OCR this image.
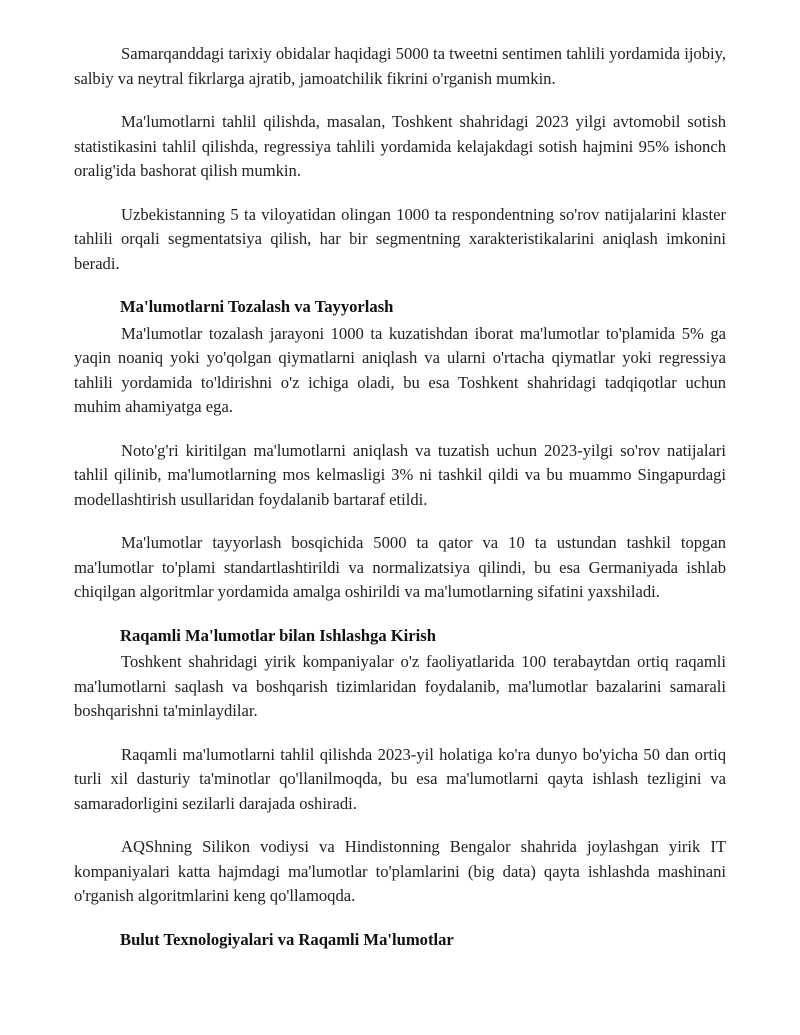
Samarqanddagi tarixiy obidalar haqidagi 5000 ta tweetni sentimen tahlili yordamida ijobiy, salbiy va neytral fikrlarga ajratib, jamoatchilik fikrini o'rganish mumkin.

Ma'lumotlarni tahlil qilishda, masalan, Toshkent shahridagi 2023 yilgi avtomobil sotish statistikasini tahlil qilishda, regressiya tahlili yordamida kelajakdagi sotish hajmini 95% ishonch oralig'ida bashorat qilish mumkin.

Uzbekistanning 5 ta viloyatidan olingan 1000 ta respondentning so'rov natijalarini klaster tahlili orqali segmentatsiya qilish, har bir segmentning xarakteristikalarini aniqlash imkonini beradi.

Ma'lumotlarni Tozalash va Tayyorlash

Ma'lumotlar tozalash jarayoni 1000 ta kuzatishdan iborat ma'lumotlar to'plamida 5% ga yaqin noaniq yoki yo'qolgan qiymatlarni aniqlash va ularni o'rtacha qiymatlar yoki regressiya tahlili yordamida to'ldirishni o'z ichiga oladi, bu esa Toshkent shahridagi tadqiqotlar uchun muhim ahamiyatga ega.

Noto'g'ri kiritilgan ma'lumotlarni aniqlash va tuzatish uchun 2023-yilgi so'rov natijalari tahlil qilinib, ma'lumotlarning mos kelmasligi 3% ni tashkil qildi va bu muammo Singapurdagi modellashtirish usullaridan foydalanib bartaraf etildi.

Ma'lumotlar tayyorlash bosqichida 5000 ta qator va 10 ta ustundan tashkil topgan ma'lumotlar to'plami standartlashtirildi va normalizatsiya qilindi, bu esa Germaniyada ishlab chiqilgan algoritmlar yordamida amalga oshirildi va ma'lumotlarning sifatini yaxshiladi.

Raqamli Ma'lumotlar bilan Ishlashga Kirish

Toshkent shahridagi yirik kompaniyalar o'z faoliyatlarida 100 terabaytdan ortiq raqamli ma'lumotlarni saqlash va boshqarish tizimlaridan foydalanib, ma'lumotlar bazalarini samarali boshqarishni ta'minlaydilar.

Raqamli ma'lumotlarni tahlil qilishda 2023-yil holatiga ko'ra dunyo bo'yicha 50 dan ortiq turli xil dasturiy ta'minotlar qo'llanilmoqda, bu esa ma'lumotlarni qayta ishlash tezligini va samaradorligini sezilarli darajada oshiradi.

AQShning Silikon vodiysi va Hindistonning Bengalor shahrida joylashgan yirik IT kompaniyalari katta hajmdagi ma'lumotlar to'plamlarini (big data) qayta ishlashda mashinani o'rganish algoritmlarini keng qo'llamoqda.

Bulut Texnologiyalari va Raqamli Ma'lumotlar
